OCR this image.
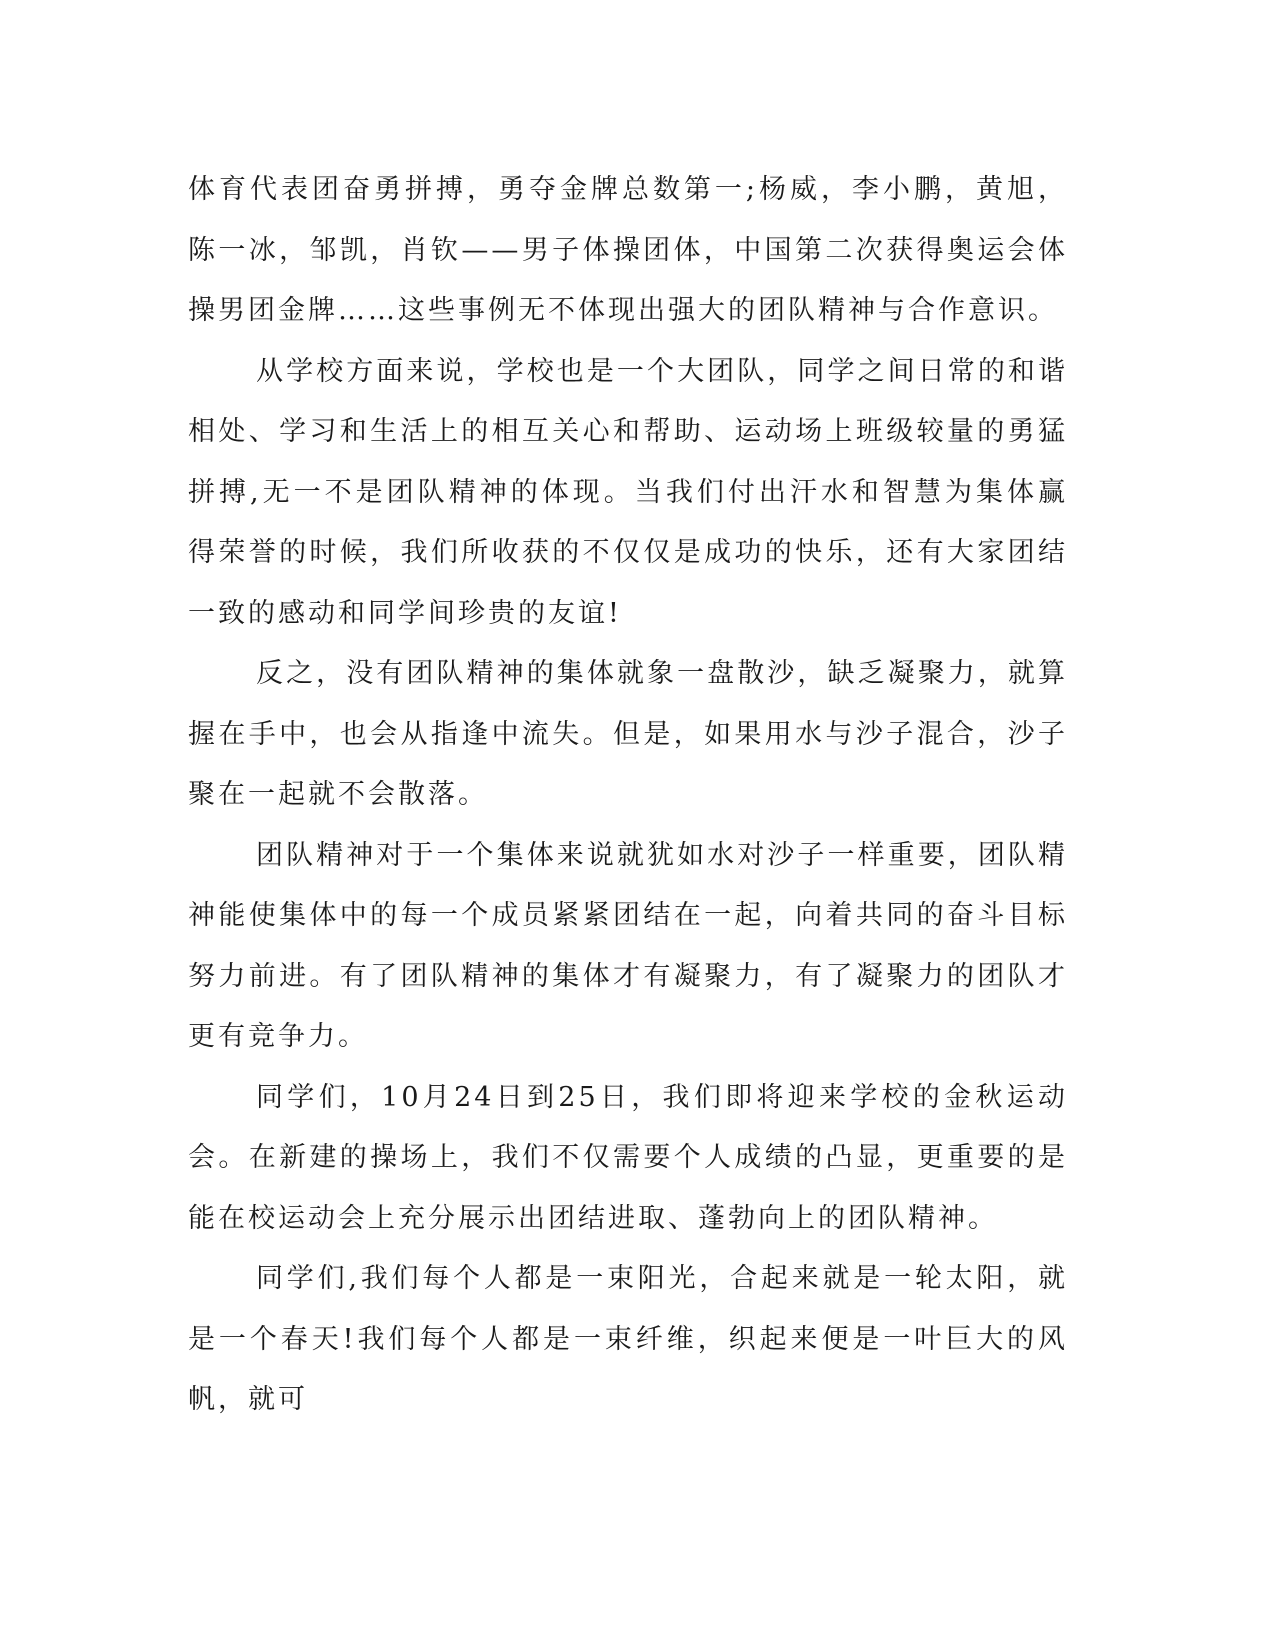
体育代表团奋勇拼搏，勇夺金牌总数第一;杨威，李小鹏，黄旭，陈一冰，邹凯，肖钦——男子体操团体，中国第二次获得奥运会体操男团金牌……这些事例无不体现出强大的团队精神与合作意识。

从学校方面来说，学校也是一个大团队，同学之间日常的和谐相处、学习和生活上的相互关心和帮助、运动场上班级较量的勇猛拼搏,无一不是团队精神的体现。当我们付出汗水和智慧为集体赢得荣誉的时候，我们所收获的不仅仅是成功的快乐，还有大家团结一致的感动和同学间珍贵的友谊!

反之，没有团队精神的集体就象一盘散沙，缺乏凝聚力，就算握在手中，也会从指逢中流失。但是，如果用水与沙子混合，沙子聚在一起就不会散落。

团队精神对于一个集体来说就犹如水对沙子一样重要，团队精神能使集体中的每一个成员紧紧团结在一起，向着共同的奋斗目标努力前进。有了团队精神的集体才有凝聚力，有了凝聚力的团队才更有竞争力。

同学们，10月24日到25日，我们即将迎来学校的金秋运动会。在新建的操场上，我们不仅需要个人成绩的凸显，更重要的是能在校运动会上充分展示出团结进取、蓬勃向上的团队精神。

同学们,我们每个人都是一束阳光，合起来就是一轮太阳，就是一个春天!我们每个人都是一束纤维，织起来便是一叶巨大的风帆，就可
